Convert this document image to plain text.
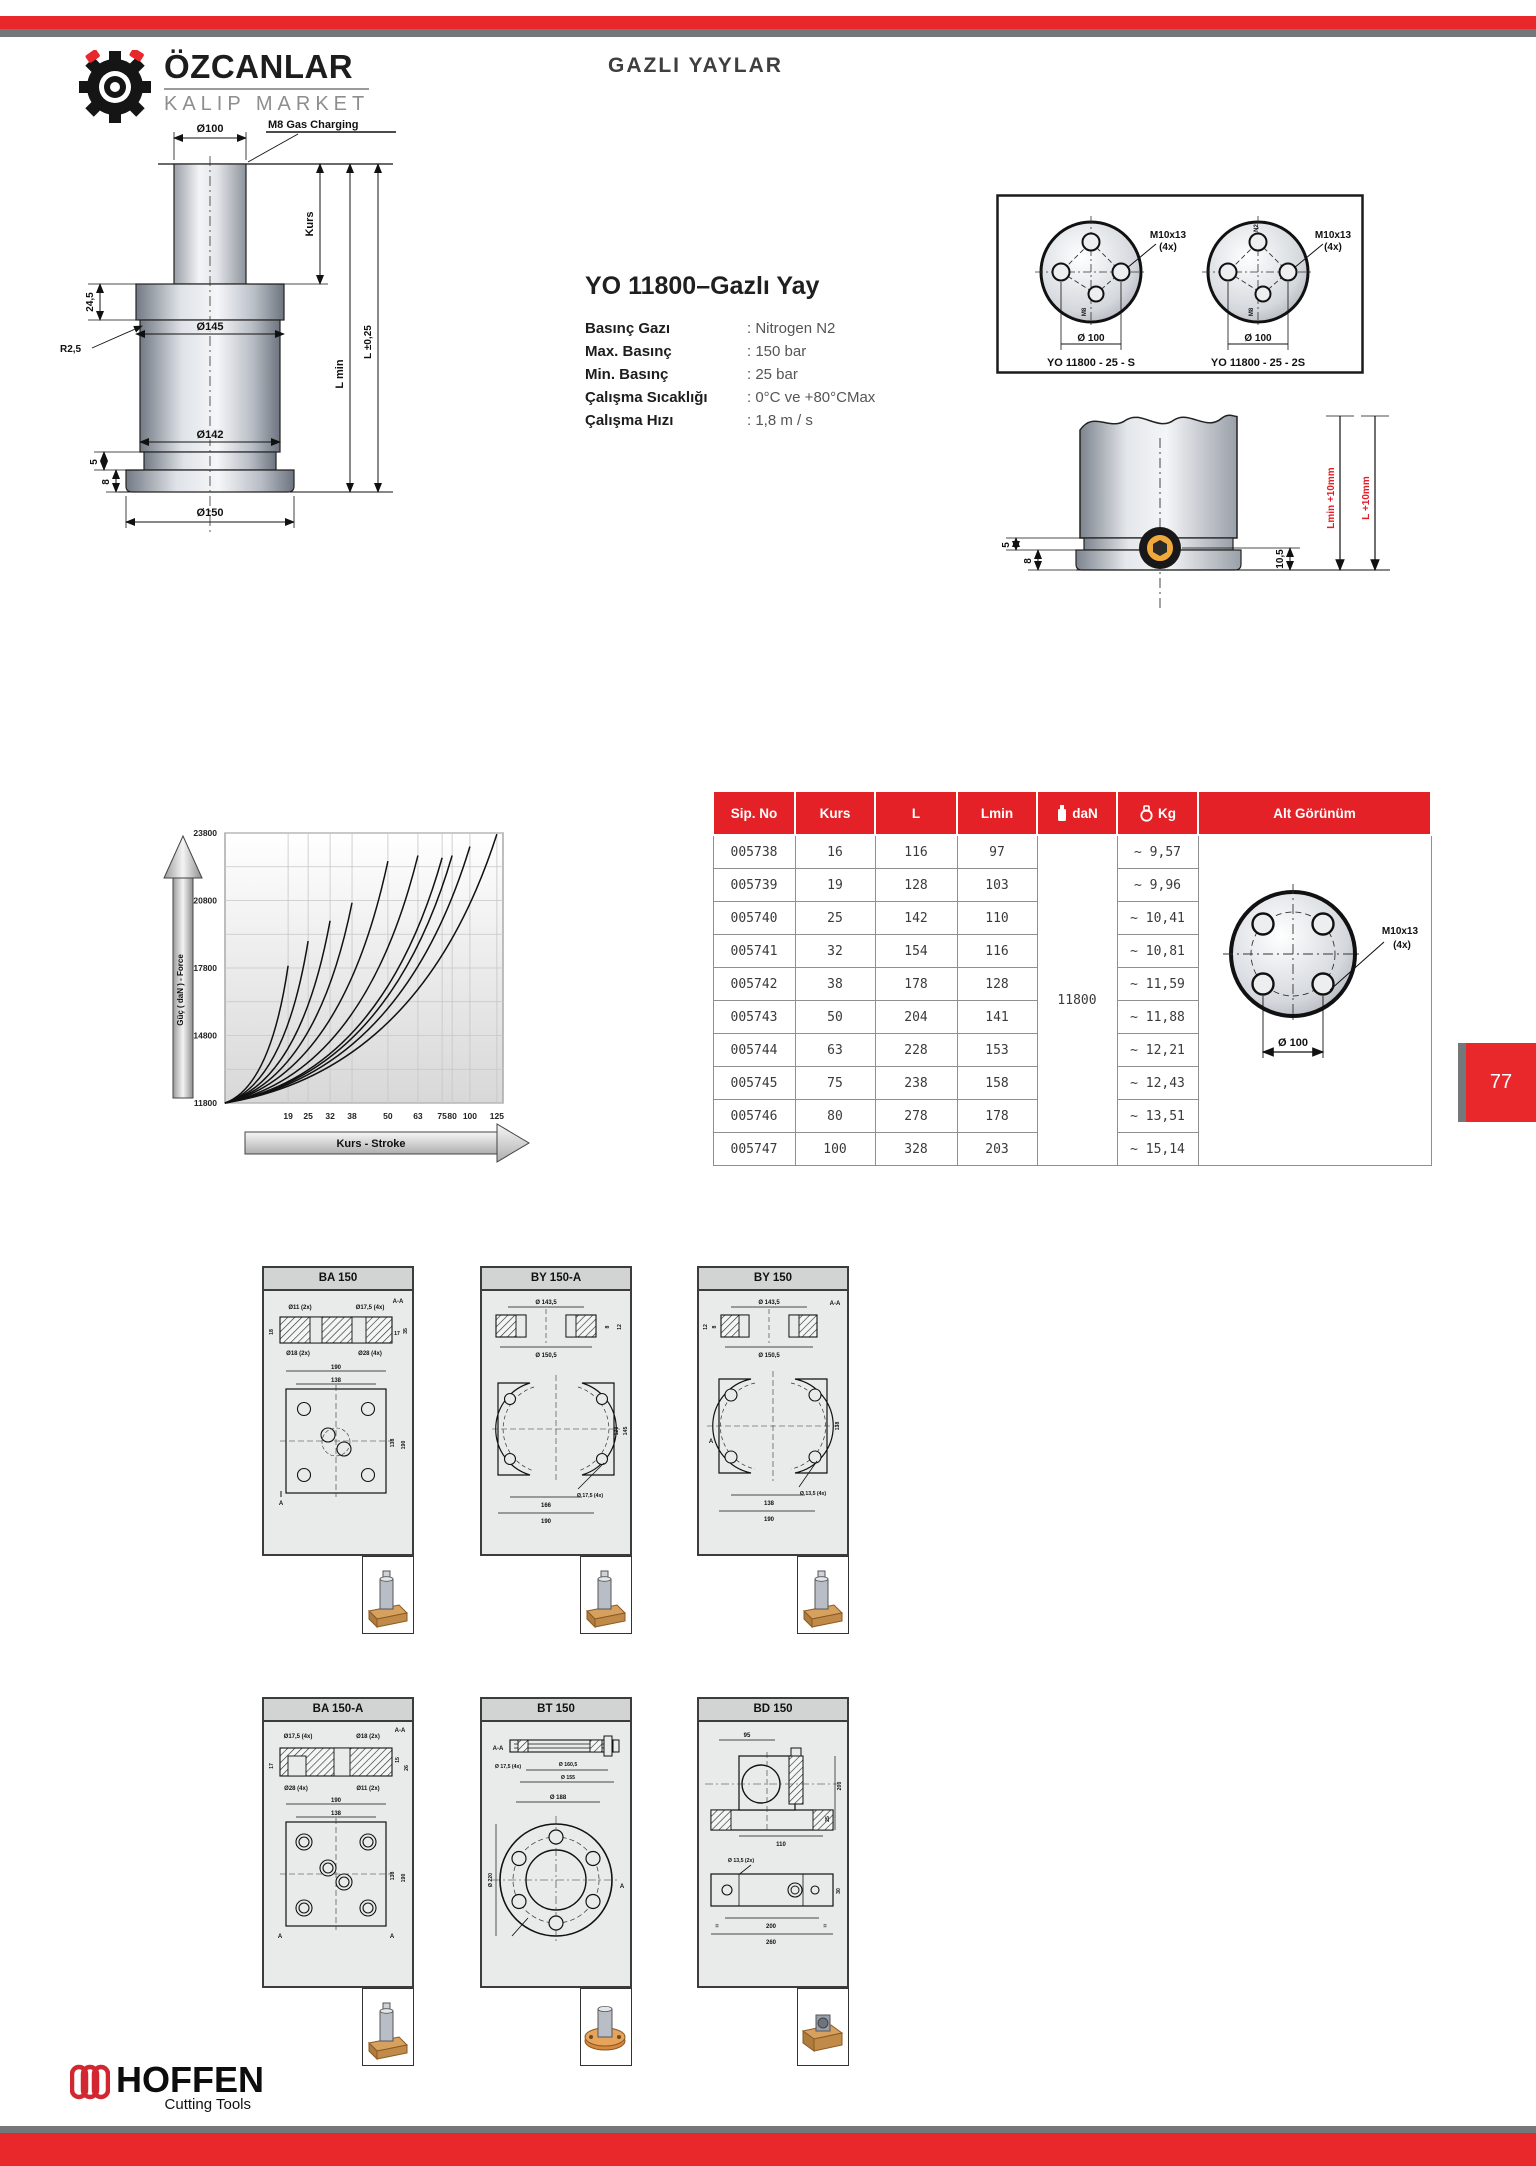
ÖZCANLAR
KALIP MARKET
GAZLI YAYLAR
Ø100	M8 Gas Charging
Ø145
Ø142
Ø150
24,5
R2,5
5
8
Kurs
L min
L ±0,25
YO 11800–Gazlı Yay
Basınç Gazı	: Nitrogen N2
Max. Basınç	: 150 bar
Min. Basınç	: 25 bar
Çalışma Sıcaklığı	: 0°C ve +80°CMax
Çalışma Hızı	: 1,8 m / s
M8
M10x13
(4x)
Ø 100
YO 11800 - 25 - S
N2
M8
M10x13
(4x)
Ø 100
YO 11800 - 25 - 2S
5
8	10,5
Lmin +10mm L +10mm
19 25 32 38	50 63 75 80 100 125
23800
20800
17800
14800
11800
Güç ( daN ) - Force
Kurs - Stroke
Sip. No	Kurs	L	Lmin	daN	Kg	Alt Görünüm
005738	16	116	97	11800	~ 9,57	
005739	19	128	103		~ 9,96	
005740	25	142	110		~ 10,41	
005741	32	154	116		~ 10,81	
005742	38	178	128		~ 11,59	
005743	50	204	141		~ 11,88	
005744	63	228	153		~ 12,21	
005745	75	238	158		~ 12,43	
005746	80	278	178		~ 13,51	
005747	100	328	203		~ 15,14	
M10x13
(4x)
Ø 100
77
BA 150
A-A
Ø11 (2x)	Ø17,5 (4x)
18	17 35
Ø18 (2x)	Ø28 (4x)
190
138
138 190
A
BY 150-A
Ø 143,5
8 12
Ø 150,5
120 145
166
190
Ø 17,5 (4x)
BY 150
Ø 143,5	A-A
12 8
Ø 150,5
138
138
190
Ø 13,5 (4x)
A
BA 150-A
A-A
Ø17,5 (4x)	Ø18 (2x)
17
15
26
Ø28 (4x)	Ø11 (2x)
190
138
138 190
A	A
BT 150
A-A
Ø 17,5 (4x)	Ø 160,5
Ø 155
Ø 188
Ø 220	A
BD 150
95
200
25
110
Ø 13,5 (2x)
30
200
260
=	=
HOFFEN
Cutting Tools
